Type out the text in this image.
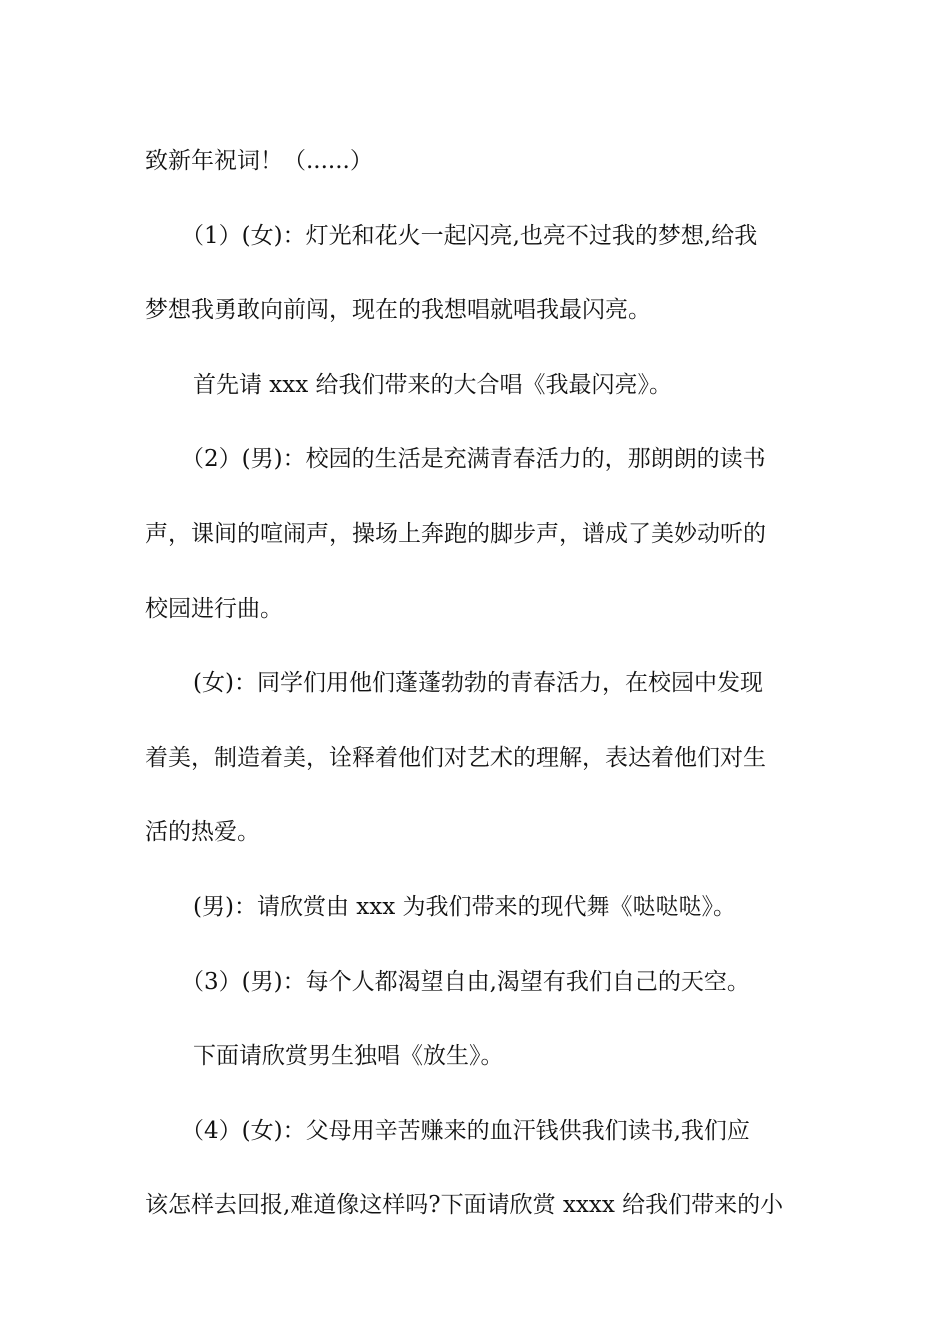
致新年祝词！（......）

（1）(女)：灯光和花火一起闪亮,也亮不过我的梦想,给我

梦想我勇敢向前闯，现在的我想唱就唱我最闪亮。

首先请 xxx 给我们带来的大合唱《我最闪亮》。

（2）(男)：校园的生活是充满青春活力的，那朗朗的读书

声，课间的喧闹声，操场上奔跑的脚步声，谱成了美妙动听的

校园进行曲。

(女)：同学们用他们蓬蓬勃勃的青春活力，在校园中发现

着美，制造着美，诠释着他们对艺术的理解，表达着他们对生

活的热爱。

(男)：请欣赏由 xxx 为我们带来的现代舞《哒哒哒》。

（3）(男)：每个人都渴望自由,渴望有我们自己的天空。

下面请欣赏男生独唱《放生》。

（4）(女)：父母用辛苦赚来的血汗钱供我们读书,我们应

该怎样去回报,难道像这样吗?下面请欣赏 xxxx 给我们带来的小
